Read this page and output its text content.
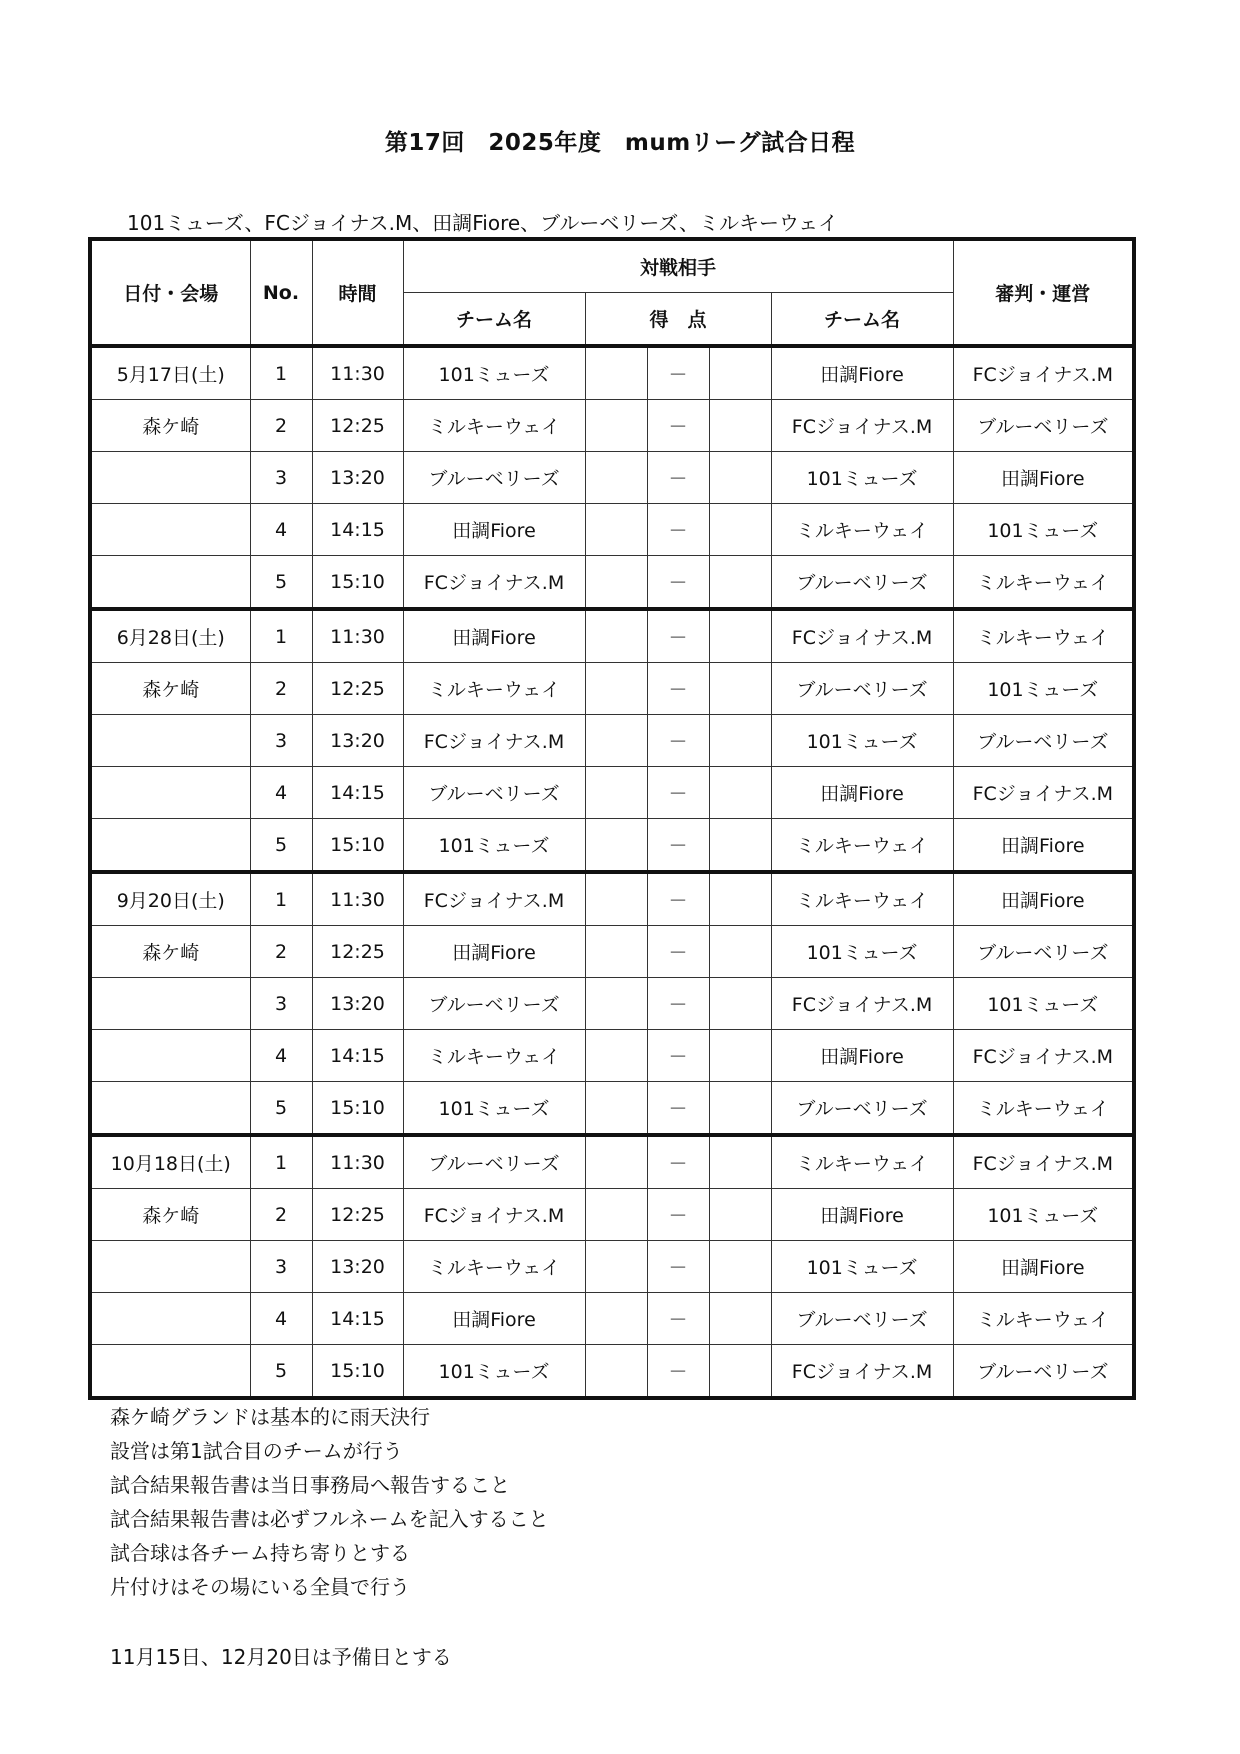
第17回　2025年度　mumリーグ試合日程
101ミューズ、FCジョイナス.M、田調Fiore、ブルーベリーズ、ミルキーウェイ
日付・会場	No.	時間	対戦相手					審判・運営
			チーム名	得　点			チーム名	
5月17日(土)	1	11:30	101ミューズ		－		田調Fiore	FCジョイナス.M
森ケ崎	2	12:25	ミルキーウェイ		－		FCジョイナス.M	ブルーベリーズ
	3	13:20	ブルーベリーズ		－		101ミューズ	田調Fiore
	4	14:15	田調Fiore		－		ミルキーウェイ	101ミューズ
	5	15:10	FCジョイナス.M		－		ブルーベリーズ	ミルキーウェイ
6月28日(土)	1	11:30	田調Fiore		－		FCジョイナス.M	ミルキーウェイ
森ケ崎	2	12:25	ミルキーウェイ		－		ブルーベリーズ	101ミューズ
	3	13:20	FCジョイナス.M		－		101ミューズ	ブルーベリーズ
	4	14:15	ブルーベリーズ		－		田調Fiore	FCジョイナス.M
	5	15:10	101ミューズ		－		ミルキーウェイ	田調Fiore
9月20日(土)	1	11:30	FCジョイナス.M		－		ミルキーウェイ	田調Fiore
森ケ崎	2	12:25	田調Fiore		－		101ミューズ	ブルーベリーズ
	3	13:20	ブルーベリーズ		－		FCジョイナス.M	101ミューズ
	4	14:15	ミルキーウェイ		－		田調Fiore	FCジョイナス.M
	5	15:10	101ミューズ		－		ブルーベリーズ	ミルキーウェイ
10月18日(土)	1	11:30	ブルーベリーズ		－		ミルキーウェイ	FCジョイナス.M
森ケ崎	2	12:25	FCジョイナス.M		－		田調Fiore	101ミューズ
	3	13:20	ミルキーウェイ		－		101ミューズ	田調Fiore
	4	14:15	田調Fiore		－		ブルーベリーズ	ミルキーウェイ
	5	15:10	101ミューズ		－		FCジョイナス.M	ブルーベリーズ
森ケ崎グランドは基本的に雨天決行
設営は第1試合目のチームが行う
試合結果報告書は当日事務局へ報告すること
試合結果報告書は必ずフルネームを記入すること
試合球は各チーム持ち寄りとする
片付けはその場にいる全員で行う
11月15日、12月20日は予備日とする
